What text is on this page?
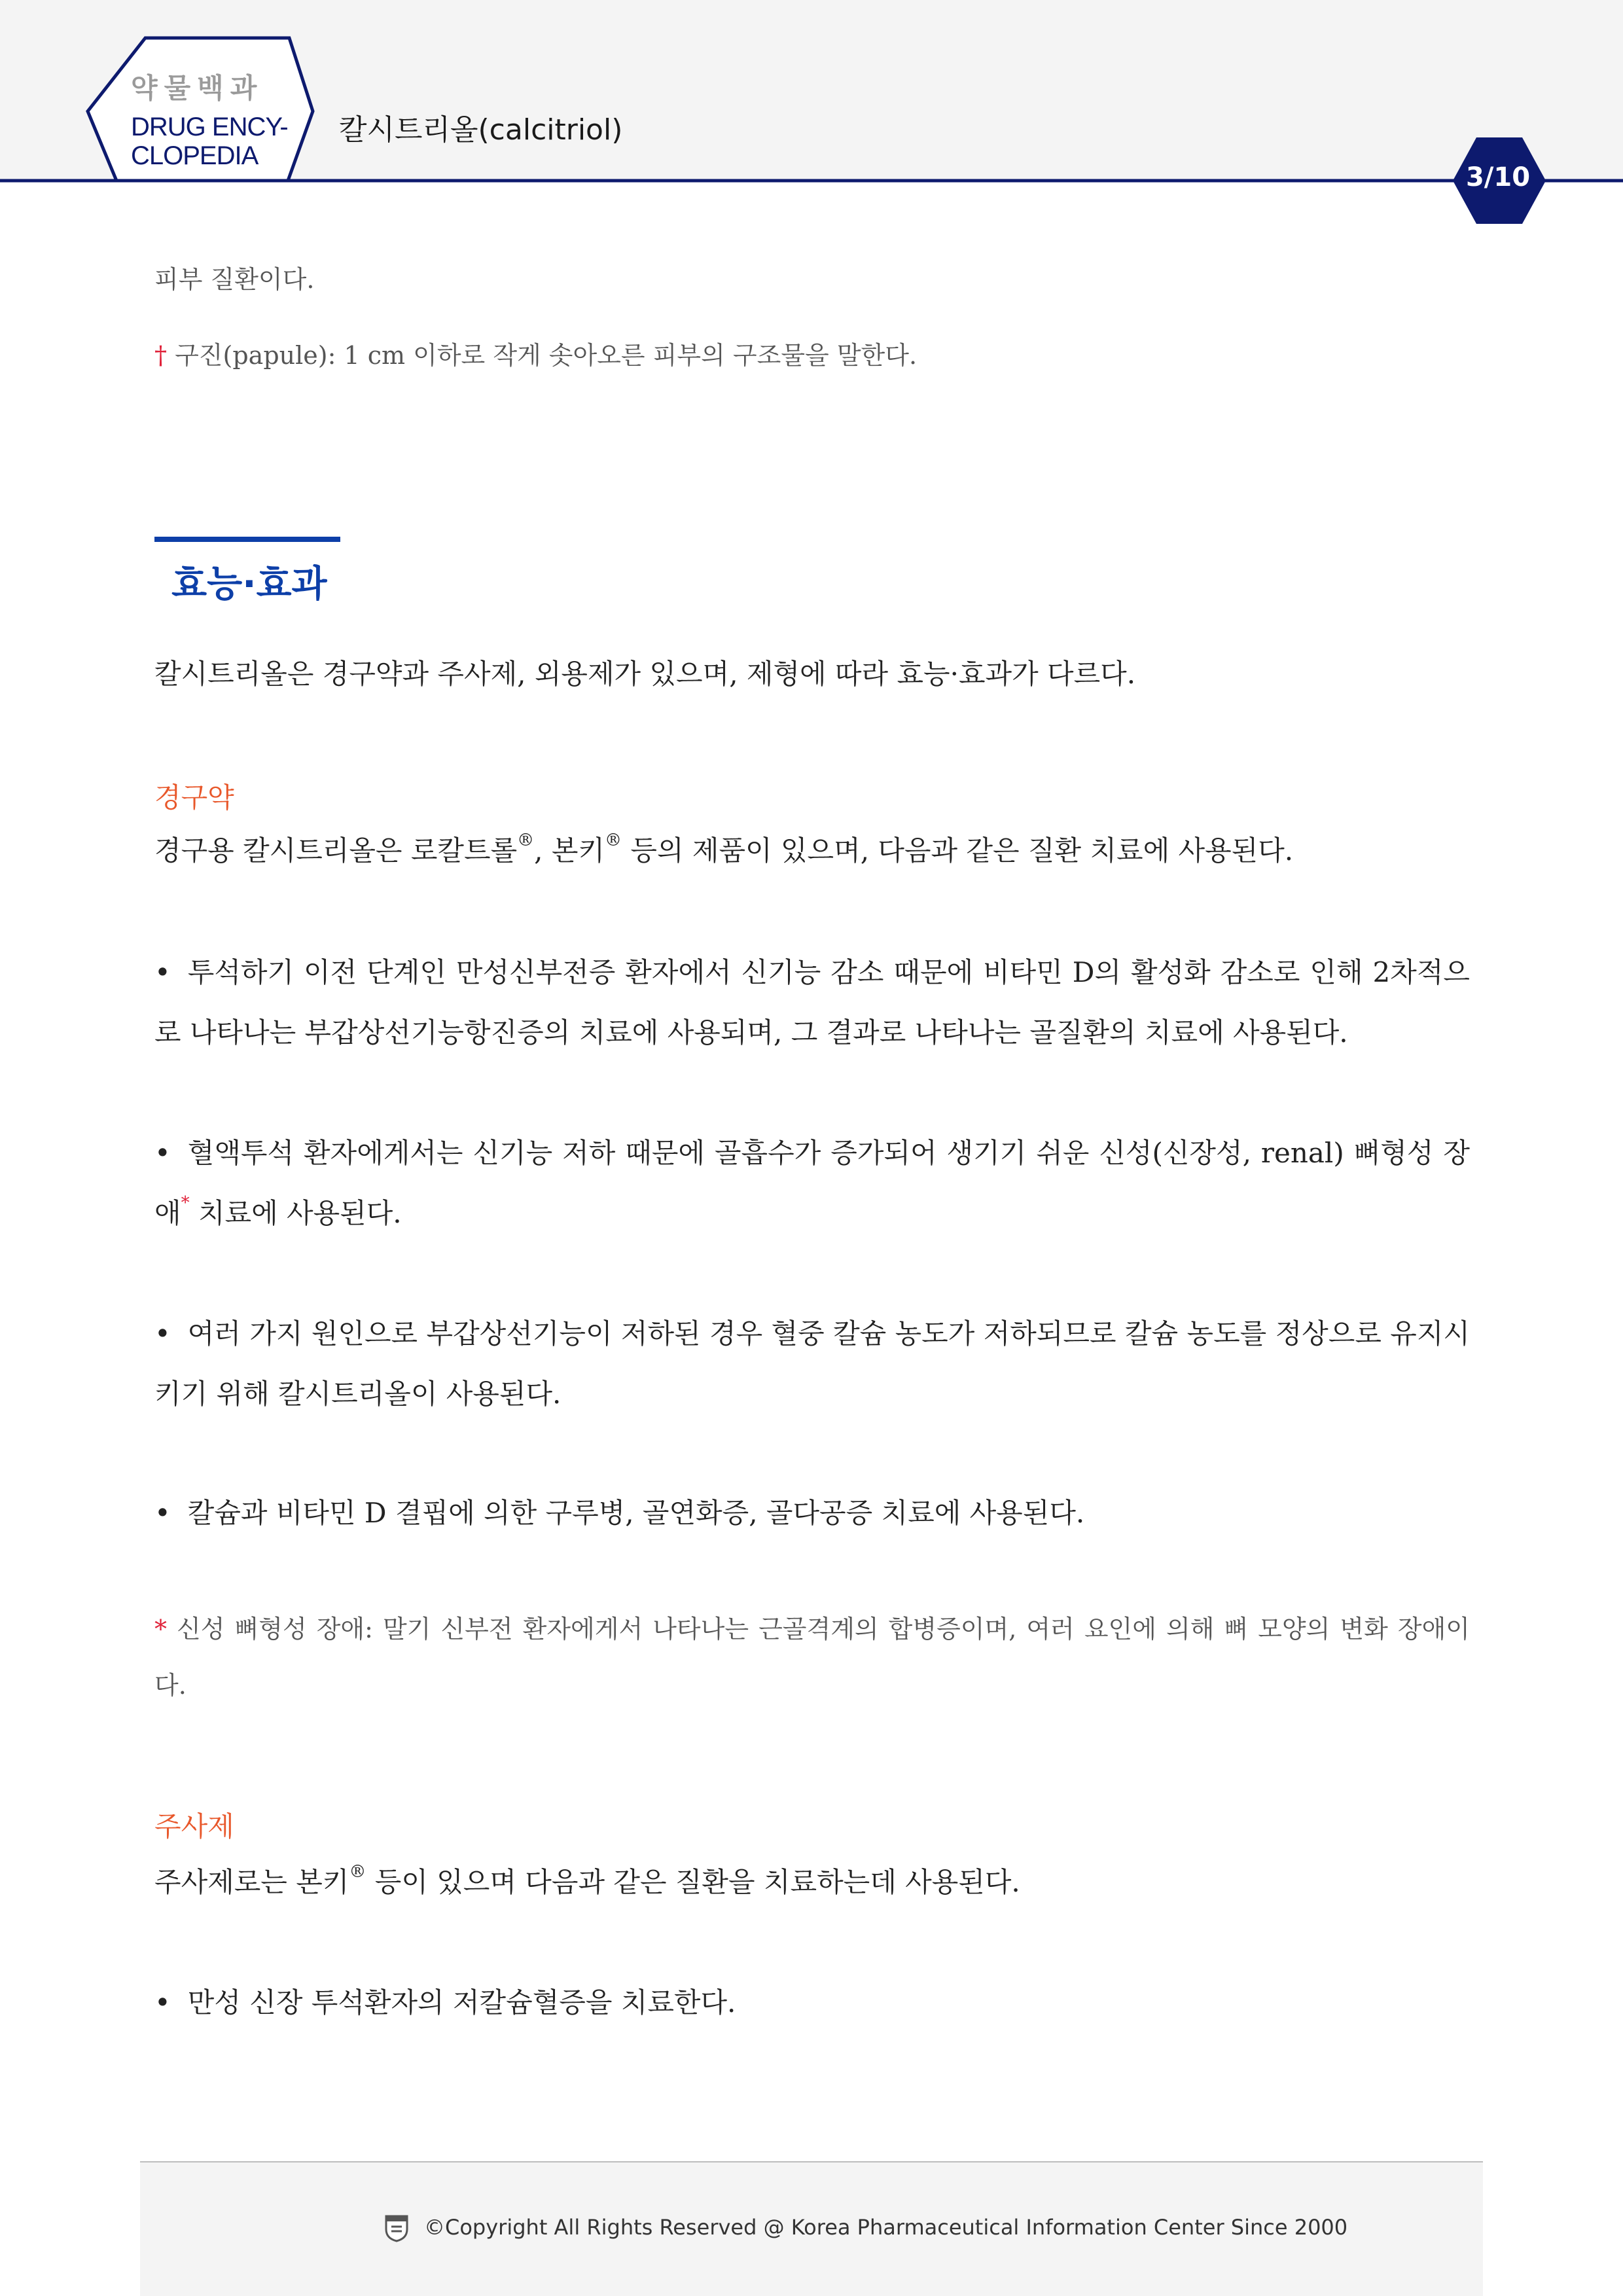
약물백과
DRUG ENCY-
CLOPEDIA
칼시트리올(calcitriol)
3/10
피부 질환이다.
† 구진(papule): 1 cm 이하로 작게 솟아오른 피부의 구조물을 말한다.
효능·효과
칼시트리올은 경구약과 주사제, 외용제가 있으며, 제형에 따라 효능·효과가 다르다.
경구약
경구용 칼시트리올은 로칼트롤®, 본키® 등의 제품이 있으며, 다음과 같은 질환 치료에 사용된다.
• 투석하기 이전 단계인 만성신부전증 환자에서 신기능 감소 때문에 비타민 D의 활성화 감소로 인해 2차적으로 나타나는 부갑상선기능항진증의 치료에 사용되며, 그 결과로 나타나는 골질환의 치료에 사용된다.
• 혈액투석 환자에게서는 신기능 저하 때문에 골흡수가 증가되어 생기기 쉬운 신성(신장성, renal) 뼈형성 장애* 치료에 사용된다.
• 여러 가지 원인으로 부갑상선기능이 저하된 경우 혈중 칼슘 농도가 저하되므로 칼슘 농도를 정상으로 유지시키기 위해 칼시트리올이 사용된다.
• 칼슘과 비타민 D 결핍에 의한 구루병, 골연화증, 골다공증 치료에 사용된다.
* 신성 뼈형성 장애: 말기 신부전 환자에게서 나타나는 근골격계의 합병증이며, 여러 요인에 의해 뼈 모양의 변화 장애이다.
주사제
주사제로는 본키® 등이 있으며 다음과 같은 질환을 치료하는데 사용된다.
• 만성 신장 투석환자의 저칼슘혈증을 치료한다.
©Copyright All Rights Reserved @ Korea Pharmaceutical Information Center Since 2000
